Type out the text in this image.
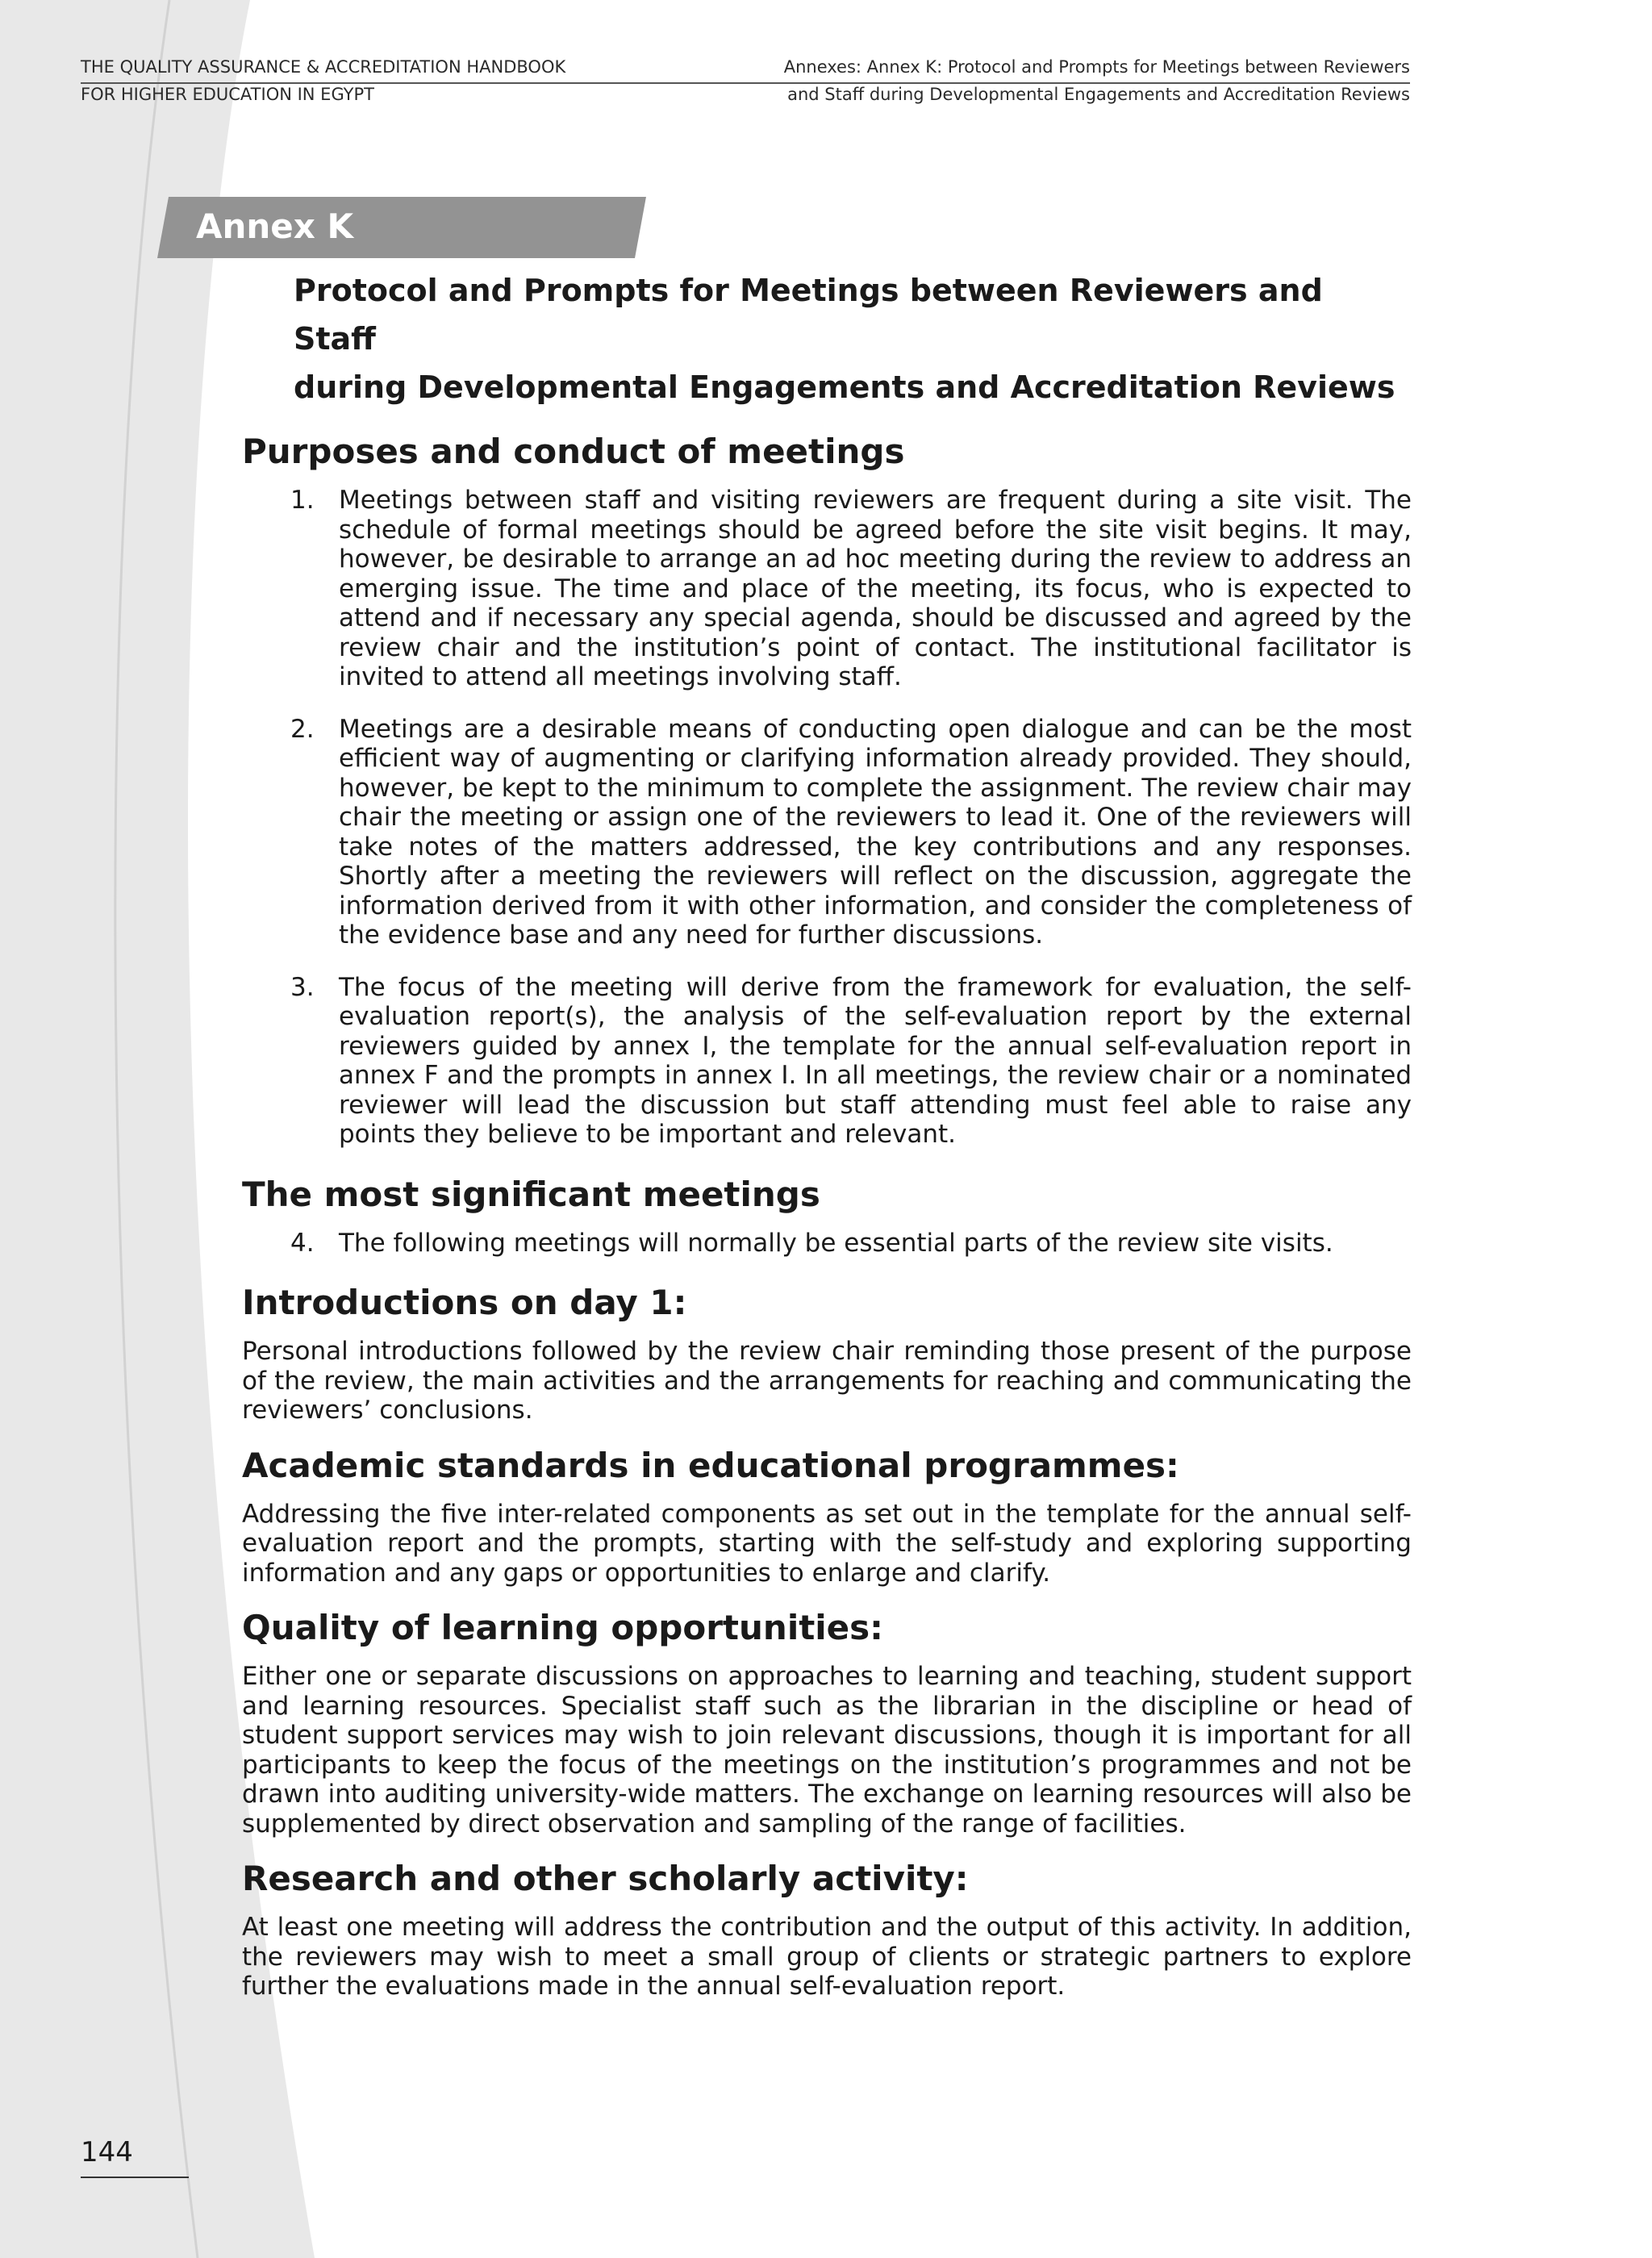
THE QUALITY ASSURANCE & ACCREDITATION HANDBOOK
FOR HIGHER EDUCATION IN EGYPT
Annexes: Annex K: Protocol and Prompts for Meetings between Reviewers
and Staff during Developmental Engagements and Accreditation Reviews
Annex K
Protocol and Prompts for Meetings between Reviewers and Staff
during Developmental Engagements and Accreditation Reviews
Purposes and conduct of meetings
1. Meetings between staff and visiting reviewers are frequent during a site visit. The schedule of formal meetings should be agreed before the site visit begins. It may, however, be desirable to arrange an ad hoc meeting during the review to address an emerging issue. The time and place of the meeting, its focus, who is expected to attend and if necessary any special agenda, should be discussed and agreed by the review chair and the institution’s point of contact. The institutional facilitator is invited to attend all meetings involving staff.
2. Meetings are a desirable means of conducting open dialogue and can be the most efficient way of augmenting or clarifying information already provided. They should, however, be kept to the minimum to complete the assignment. The review chair may chair the meeting or assign one of the reviewers to lead it. One of the reviewers will take notes of the matters addressed, the key contributions and any responses. Shortly after a meeting the reviewers will reflect on the discussion, aggregate the information derived from it with other information, and consider the completeness of the evidence base and any need for further discussions.
3. The focus of the meeting will derive from the framework for evaluation, the self-evaluation report(s), the analysis of the self-evaluation report by the external reviewers guided by annex I, the template for the annual self-evaluation report in annex F and the prompts in annex I. In all meetings, the review chair or a nominated reviewer will lead the discussion but staff attending must feel able to raise any points they believe to be important and relevant.
The most significant meetings
4. The following meetings will normally be essential parts of the review site visits.
Introductions on day 1:

Personal introductions followed by the review chair reminding those present of the purpose of the review, the main activities and the arrangements for reaching and communicating the reviewers’ conclusions.

Academic standards in educational programmes:

Addressing the five inter-related components as set out in the template for the annual self-evaluation report and the prompts, starting with the self-study and exploring supporting information and any gaps or opportunities to enlarge and clarify.

Quality of learning opportunities:

Either one or separate discussions on approaches to learning and teaching, student support and learning resources. Specialist staff such as the librarian in the discipline or head of student support services may wish to join relevant discussions, though it is important for all participants to keep the focus of the meetings on the institution’s programmes and not be drawn into auditing university-wide matters. The exchange on learning resources will also be supplemented by direct observation and sampling of the range of facilities.

Research and other scholarly activity:

At least one meeting will address the contribution and the output of this activity. In addition, the reviewers may wish to meet a small group of clients or strategic partners to explore further the evaluations made in the annual self-evaluation report.

144
